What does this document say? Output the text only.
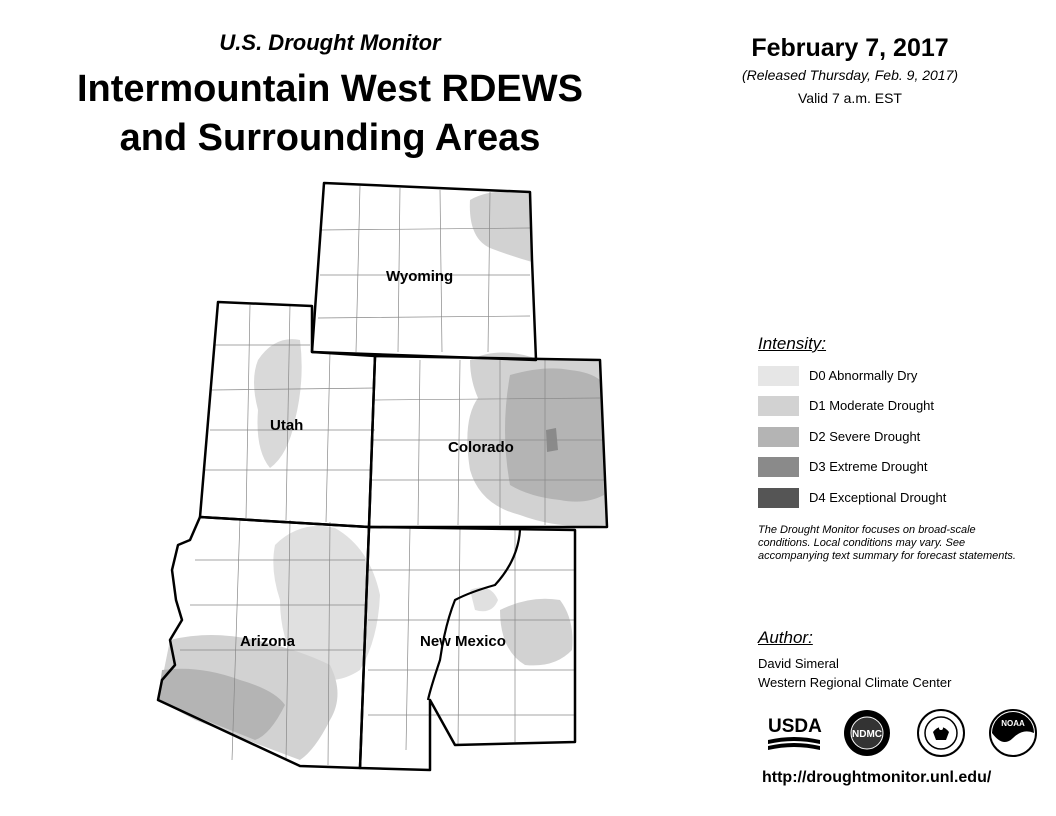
U.S. Drought Monitor
Intermountain West RDEWS
and Surrounding Areas
February 7, 2017
(Released Thursday, Feb. 9, 2017)
Valid 7 a.m. EST
Wyoming
Utah
Colorado
Arizona	New Mexico
Intensity:
D0 Abnormally Dry
D1 Moderate Drought
D2 Severe Drought
D3 Extreme Drought
D4 Exceptional Drought
The Drought Monitor focuses on broad-scale conditions. Local conditions may vary. See accompanying text summary for forecast statements.
Author:
David Simeral
Western Regional Climate Center
USDA	NDMC
NOAA
http://droughtmonitor.unl.edu/
